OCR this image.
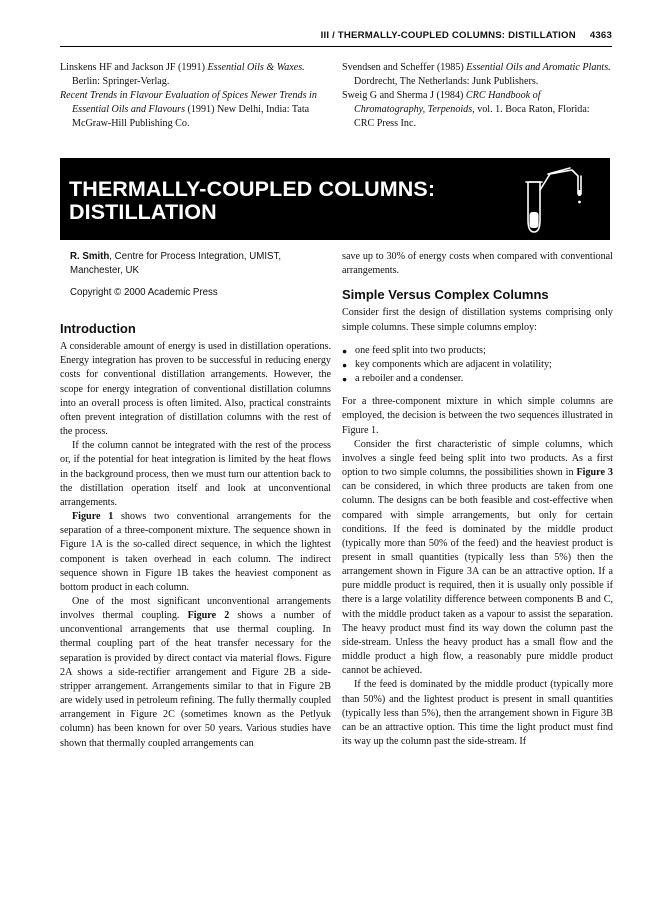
III / THERMALLY-COUPLED COLUMNS: DISTILLATION 4363

Linskens HF and Jackson JF (1991) Essential Oils & Waxes. Berlin: Springer-Verlag.

Recent Trends in Flavour Evaluation of Spices Newer Trends in Essential Oils and Flavours (1991) New Delhi, India: Tata McGraw-Hill Publishing Co.

Svendsen and Scheffer (1985) Essential Oils and Aromatic Plants. Dordrecht, The Netherlands: Junk Publishers.

Sweig G and Sherma J (1984) CRC Handbook of Chromatography, Terpenoids, vol. 1. Boca Raton, Florida: CRC Press Inc.

THERMALLY-COUPLED COLUMNS:
DISTILLATION

R. Smith, Centre for Process Integration, UMIST, Manchester, UK

Copyright © 2000 Academic Press

Introduction

A considerable amount of energy is used in distillation operations. Energy integration has proven to be successful in reducing energy costs for conventional distillation arrangements. However, the scope for energy integration of conventional distillation columns into an overall process is often limited. Also, practical constraints often prevent integration of distillation columns with the rest of the process.

If the column cannot be integrated with the rest of the process or, if the potential for heat integration is limited by the heat flows in the background process, then we must turn our attention back to the distillation operation itself and look at unconventional arrangements.

Figure 1 shows two conventional arrangements for the separation of a three-component mixture. The sequence shown in Figure 1A is the so-called direct sequence, in which the lightest component is taken overhead in each column. The indirect sequence shown in Figure 1B takes the heaviest component as bottom product in each column.

One of the most significant unconventional arrangements involves thermal coupling. Figure 2 shows a number of unconventional arrangements that use thermal coupling. In thermal coupling part of the heat transfer necessary for the separation is provided by direct contact via material flows. Figure 2A shows a side-rectifier arrangement and Figure 2B a side-stripper arrangement. Arrangements similar to that in Figure 2B are widely used in petroleum refining. The fully thermally coupled arrangement in Figure 2C (sometimes known as the Petlyuk column) has been known for over 50 years. Various studies have shown that thermally coupled arrangements can

save up to 30% of energy costs when compared with conventional arrangements.

Simple Versus Complex Columns

Consider first the design of distillation systems comprising only simple columns. These simple columns employ:

● one feed split into two products;
● key components which are adjacent in volatility;
● a reboiler and a condenser.

For a three-component mixture in which simple columns are employed, the decision is between the two sequences illustrated in Figure 1.

Consider the first characteristic of simple columns, which involves a single feed being split into two products. As a first option to two simple columns, the possibilities shown in Figure 3 can be considered, in which three products are taken from one column. The designs can be both feasible and cost-effective when compared with simple arrangements, but only for certain conditions. If the feed is dominated by the middle product (typically more than 50% of the feed) and the heaviest product is present in small quantities (typically less than 5%) then the arrangement shown in Figure 3A can be an attractive option. If a pure middle product is required, then it is usually only possible if there is a large volatility difference between components B and C, with the middle product taken as a vapour to assist the separation. The heavy product must find its way down the column past the side-stream. Unless the heavy product has a small flow and the middle product a high flow, a reasonably pure middle product cannot be achieved.

If the feed is dominated by the middle product (typically more than 50%) and the lightest product is present in small quantities (typically less than 5%), then the arrangement shown in Figure 3B can be an attractive option. This time the light product must find its way up the column past the side-stream. If
